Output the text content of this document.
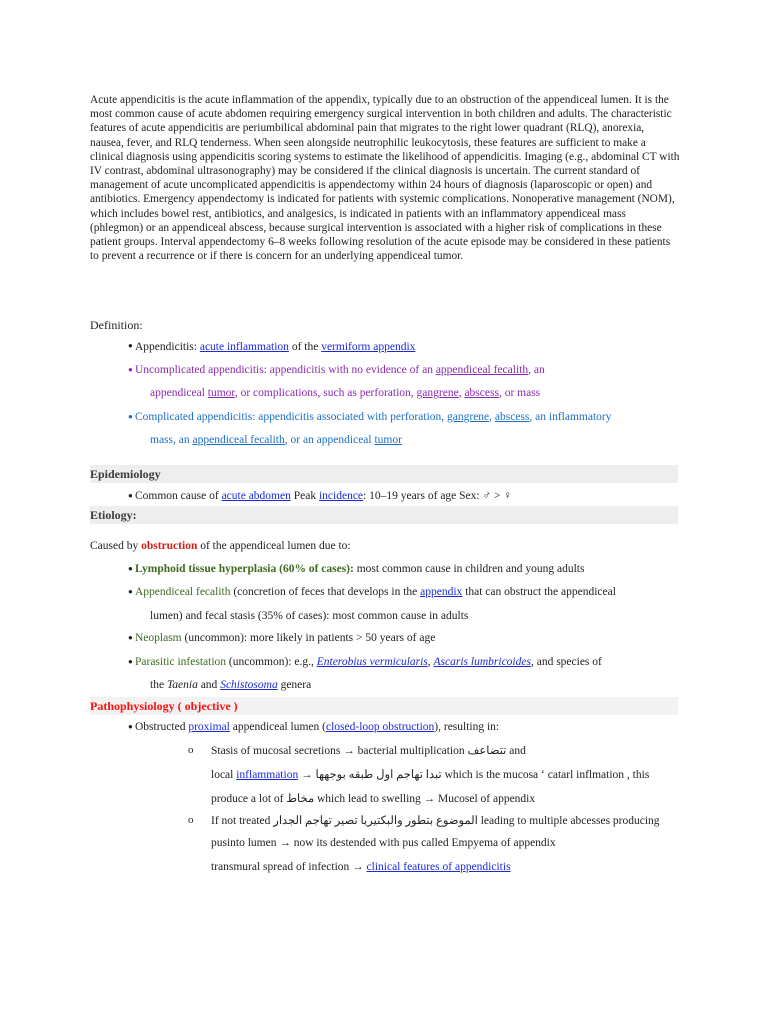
Acute appendicitis is the acute inflammation of the appendix, typically due to an obstruction of the appendiceal lumen. It is the most common cause of acute abdomen requiring emergency surgical intervention in both children and adults. The characteristic features of acute appendicitis are periumbilical abdominal pain that migrates to the right lower quadrant (RLQ), anorexia, nausea, fever, and RLQ tenderness. When seen alongside neutrophilic leukocytosis, these features are sufficient to make a clinical diagnosis using appendicitis scoring systems to estimate the likelihood of appendicitis. Imaging (e.g., abdominal CT with IV contrast, abdominal ultrasonography) may be considered if the clinical diagnosis is uncertain. The current standard of management of acute uncomplicated appendicitis is appendectomy within 24 hours of diagnosis (laparoscopic or open) and antibiotics. Emergency appendectomy is indicated for patients with systemic complications. Nonoperative management (NOM), which includes bowel rest, antibiotics, and analgesics, is indicated in patients with an inflammatory appendiceal mass (phlegmon) or an appendiceal abscess, because surgical intervention is associated with a higher risk of complications in these patient groups. Interval appendectomy 6–8 weeks following resolution of the acute episode may be considered in these patients to prevent a recurrence or if there is concern for an underlying appendiceal tumor.

Definition:
● Appendicitis: acute inflammation of the vermiform appendix
● Uncomplicated appendicitis: appendicitis with no evidence of an appendiceal fecalith, an
appendiceal tumor, or complications, such as perforation, gangrene, abscess, or mass
● Complicated appendicitis: appendicitis associated with perforation, gangrene, abscess, an inflammatory
mass, an appendiceal fecalith, or an appendiceal tumor
Epidemiology
● Common cause of acute abdomen Peak incidence: 10–19 years of age Sex: ♂ > ♀
Etiology:
Caused by obstruction of the appendiceal lumen due to:
● Lymphoid tissue hyperplasia (60% of cases): most common cause in children and young adults
● Appendiceal fecalith (concretion of feces that develops in the appendix that can obstruct the appendiceal
lumen) and fecal stasis (35% of cases): most common cause in adults
● Neoplasm (uncommon): more likely in patients > 50 years of age
● Parasitic infestation (uncommon): e.g., Enterobius vermicularis, Ascaris lumbricoides, and species of
the Taenia and Schistosoma genera
Pathophysiology ( objective )
● Obstructed proximal appendiceal lumen (closed-loop obstruction), resulting in:
o Stasis of mucosal secretions → bacterial multiplication تتضاعف and
local inflammation → تبدا تهاجم اول طبقه بوجهها which is the mucosa ‘ catarl inflmation , this
produce a lot of مخاط which lead to swelling → Mucosel of appendix
o If not treated الموضوع بتطور والبكتيريا تصير تهاجم الجدار leading to multiple abcesses producing
pusinto lumen → now its destended with pus called Empyema of appendix
transmural spread of infection → clinical features of appendicitis
